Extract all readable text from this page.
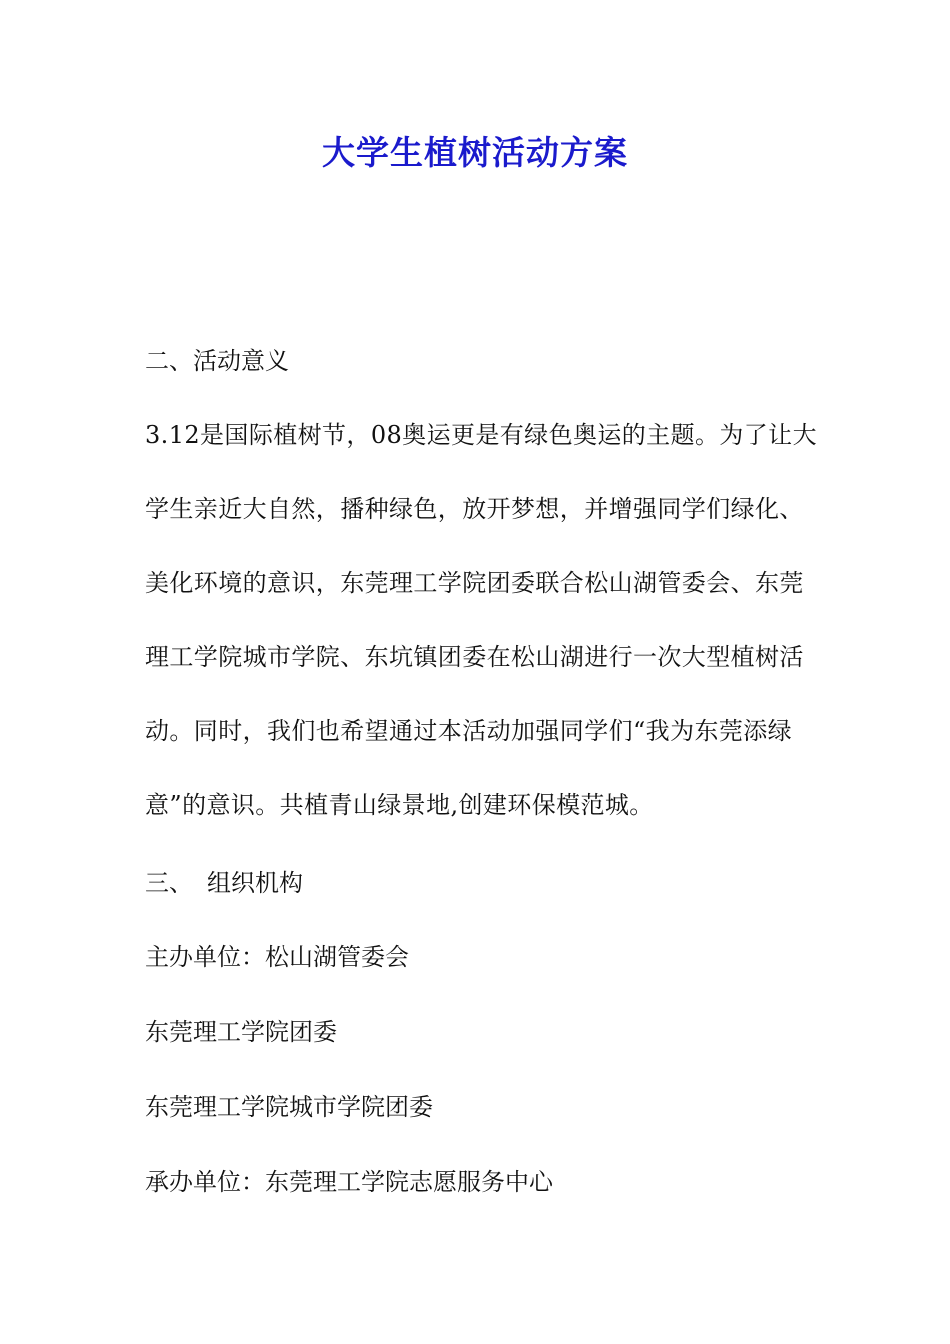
大学生植树活动方案
二、活动意义
3.12是国际植树节，08奥运更是有绿色奥运的主题。为了让大
学生亲近大自然，播种绿色，放开梦想，并增强同学们绿化、
美化环境的意识，东莞理工学院团委联合松山湖管委会、东莞
理工学院城市学院、东坑镇团委在松山湖进行一次大型植树活
动。同时，我们也希望通过本活动加强同学们“我为东莞添绿
意”的意识。共植青山绿景地,创建环保模范城。
三、 组织机构
主办单位：松山湖管委会
东莞理工学院团委
东莞理工学院城市学院团委
承办单位：东莞理工学院志愿服务中心
